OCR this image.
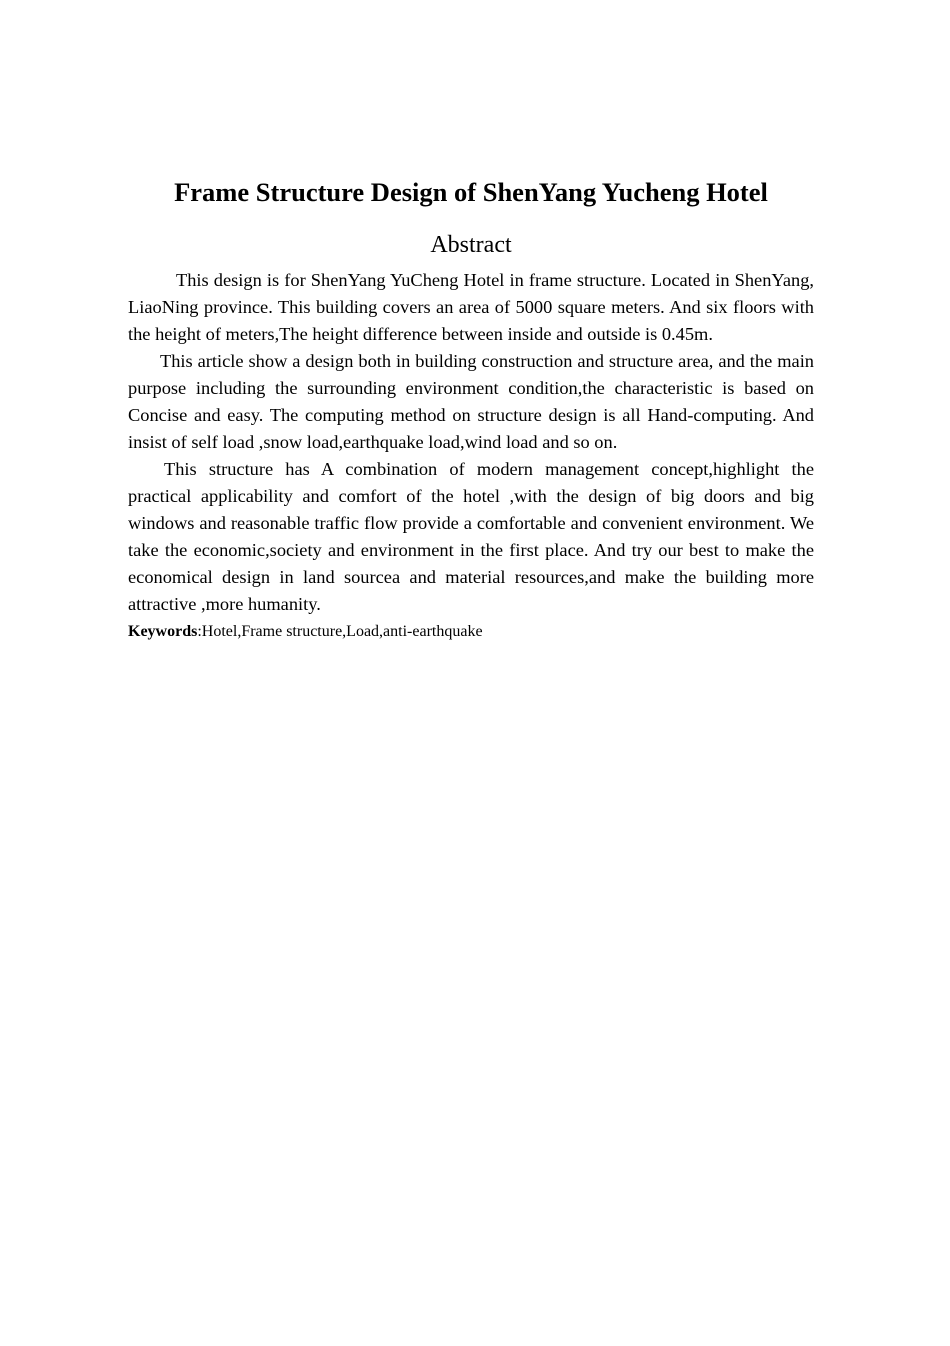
Frame Structure Design of ShenYang Yucheng Hotel
Abstract

This design is for ShenYang YuCheng Hotel in frame structure. Located in ShenYang, LiaoNing province. This building covers an area of 5000 square meters. And six floors with the height of meters,The height difference between inside and outside is 0.45m.

This article show a design both in building construction and structure area, and the main purpose including the surrounding environment condition,the characteristic is based on Concise and easy. The computing method on structure design is all Hand-computing. And insist of self load ,snow load,earthquake load,wind load and so on.

This structure has A combination of modern management concept,highlight the practical applicability and comfort of the hotel ,with the design of big doors and big windows and reasonable traffic flow provide a comfortable and convenient environment. We take the economic,society and environment in the first place. And try our best to make the economical design in land sourcea and material resources,and make the building more attractive ,more humanity.

Keywords:Hotel,Frame structure,Load,anti-earthquake
